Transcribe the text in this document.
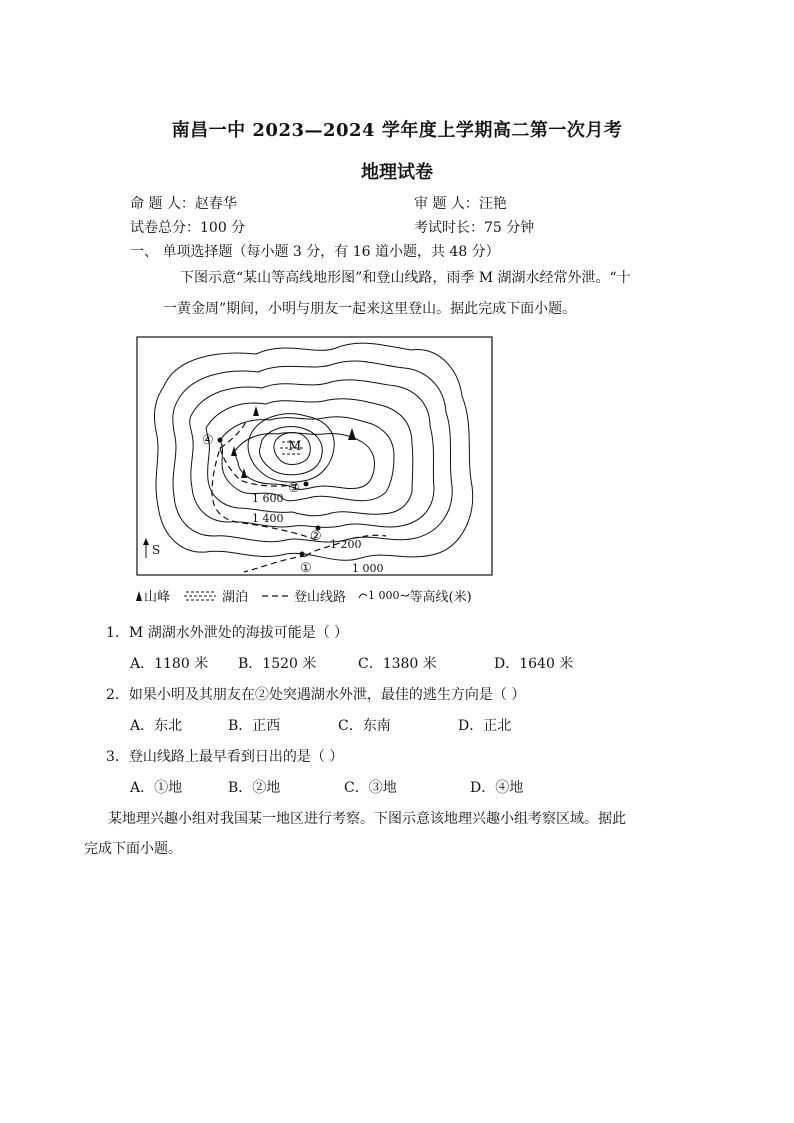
南昌一中 2023—2024 学年度上学期高二第一次月考
地理试卷
命 题 人：赵春华	审 题 人：汪艳
试卷总分：100 分	考试时长：75 分钟
一、 单项选择题（每小题 3 分，有 16 道小题，共 48 分）
下图示意“某山等高线地形图”和登山线路，雨季 M 湖湖水经常外泄。“十
一黄金周”期间，小明与朋友一起来这里登山。据此完成下面小题。
M
①
②
③
④
1 600
1 400
1 200
1 000
S
山峰	湖泊	登山线路 1 000 等高线(米)
1．M 湖湖水外泄处的海拔可能是（ ）
A．1180 米 B．1520 米	C．1380 米	D．1640 米
2．如果小明及其朋友在②处突遇湖水外泄，最佳的逃生方向是（ ）
A．东北	B．正西	C．东南	D．正北
3．登山线路上最早看到日出的是（ ）
A．①地	B．②地	C．③地	D．④地
某地理兴趣小组对我国某一地区进行考察。下图示意该地理兴趣小组考察区域。据此
完成下面小题。
